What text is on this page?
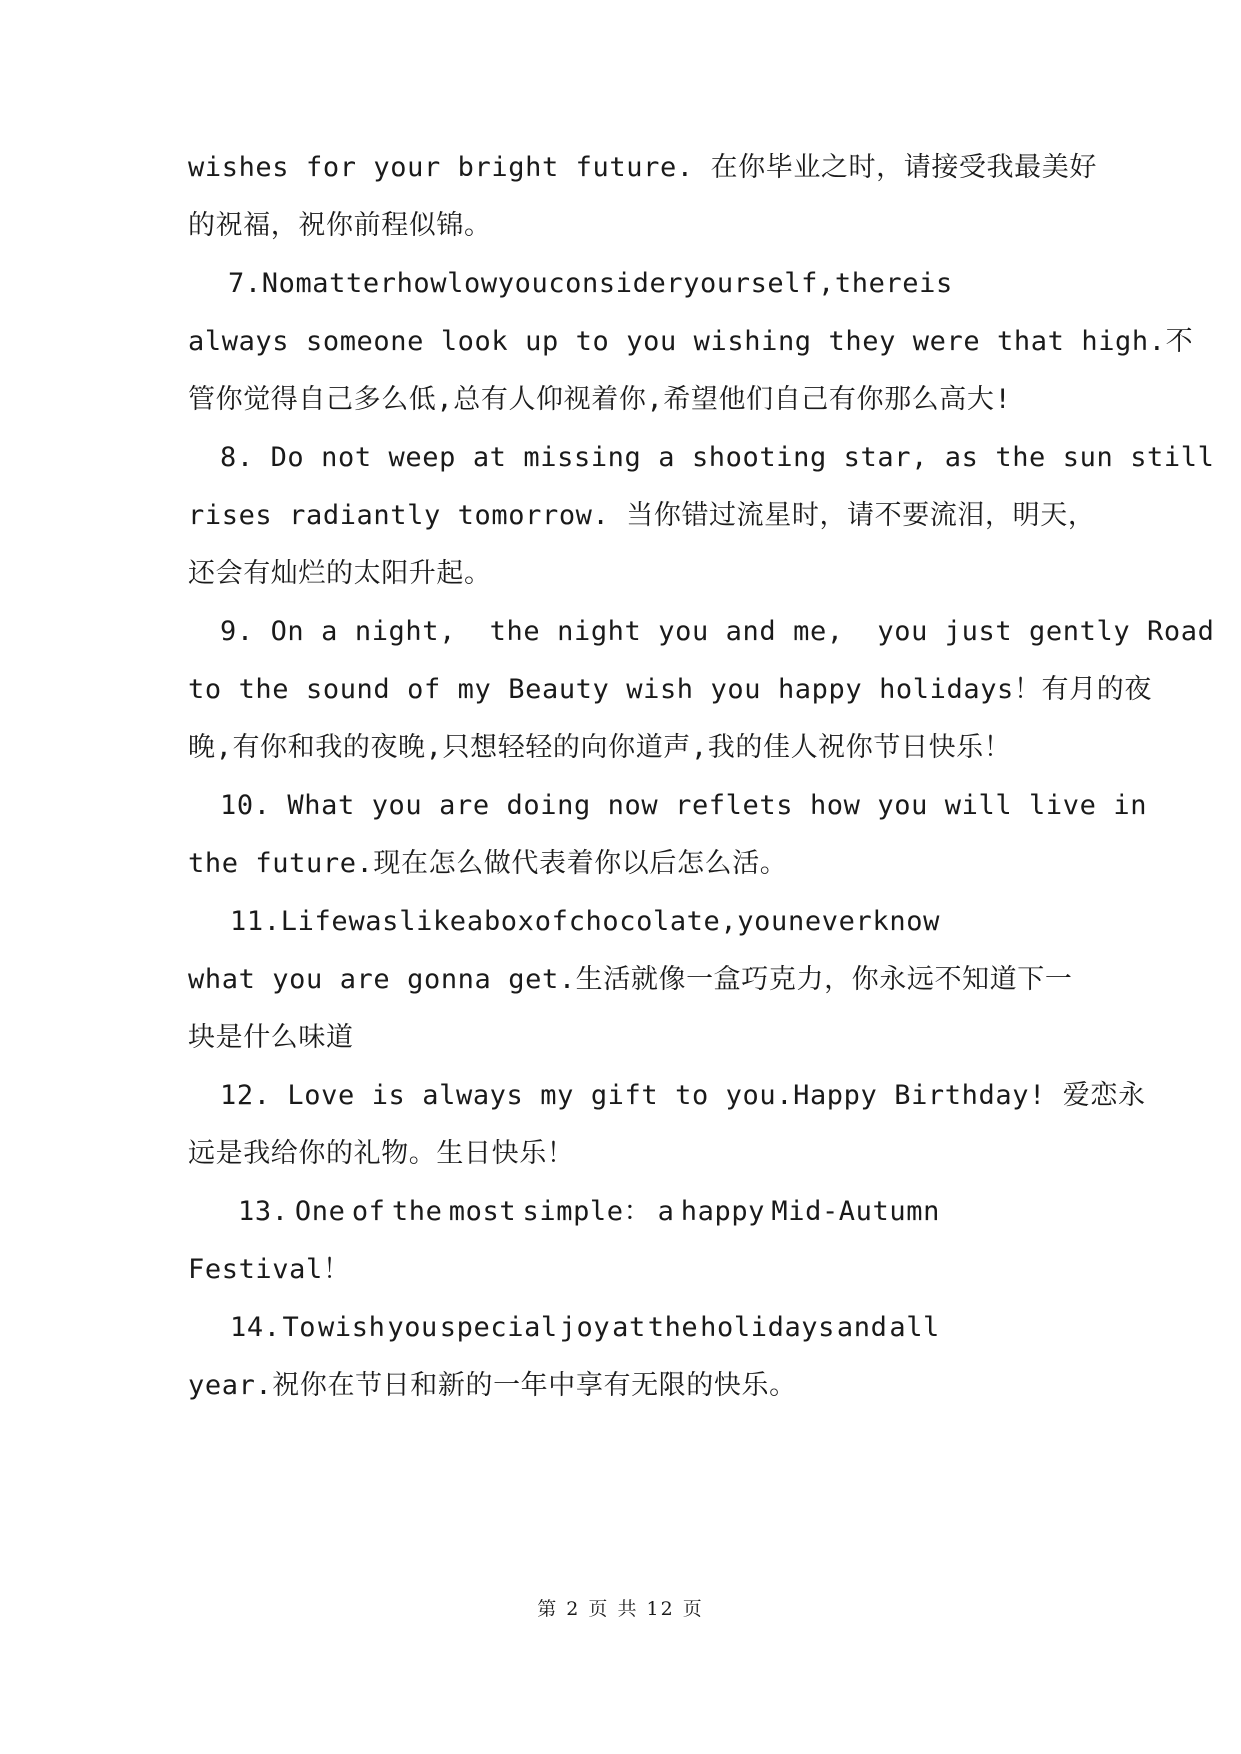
wishes for your bright future. 在你毕业之时，请接受我最美好
的祝福，祝你前程似锦。
7. No matter how low you consider yourself ,there is
always someone look up to you wishing they were that high.不
管你觉得自己多么低,总有人仰视着你,希望他们自己有你那么高大!
8. Do not weep at missing a shooting star, as the sun still
rises radiantly tomorrow. 当你错过流星时，请不要流泪，明天，
还会有灿烂的太阳升起。
9. On a night,  the night you and me,  you just gently Road
to the sound of my Beauty wish you happy holidays！有月的夜
晚,有你和我的夜晚,只想轻轻的向你道声,我的佳人祝你节日快乐！
10. What you are doing now reflets how you will live in
the future.现在怎么做代表着你以后怎么活。
11. Life was like a box of chocolate,you never know
what you are gonna get.生活就像一盒巧克力，你永远不知道下一
块是什么味道
12. Love is always my gift to you.Happy Birthday! 爱恋永
远是我给你的礼物。生日快乐！
13. One of the most simple： a happy Mid-Autumn
Festival！
14. To wish you special joy at the holidays and all
year.祝你在节日和新的一年中享有无限的快乐。
第 2 页 共 12 页
